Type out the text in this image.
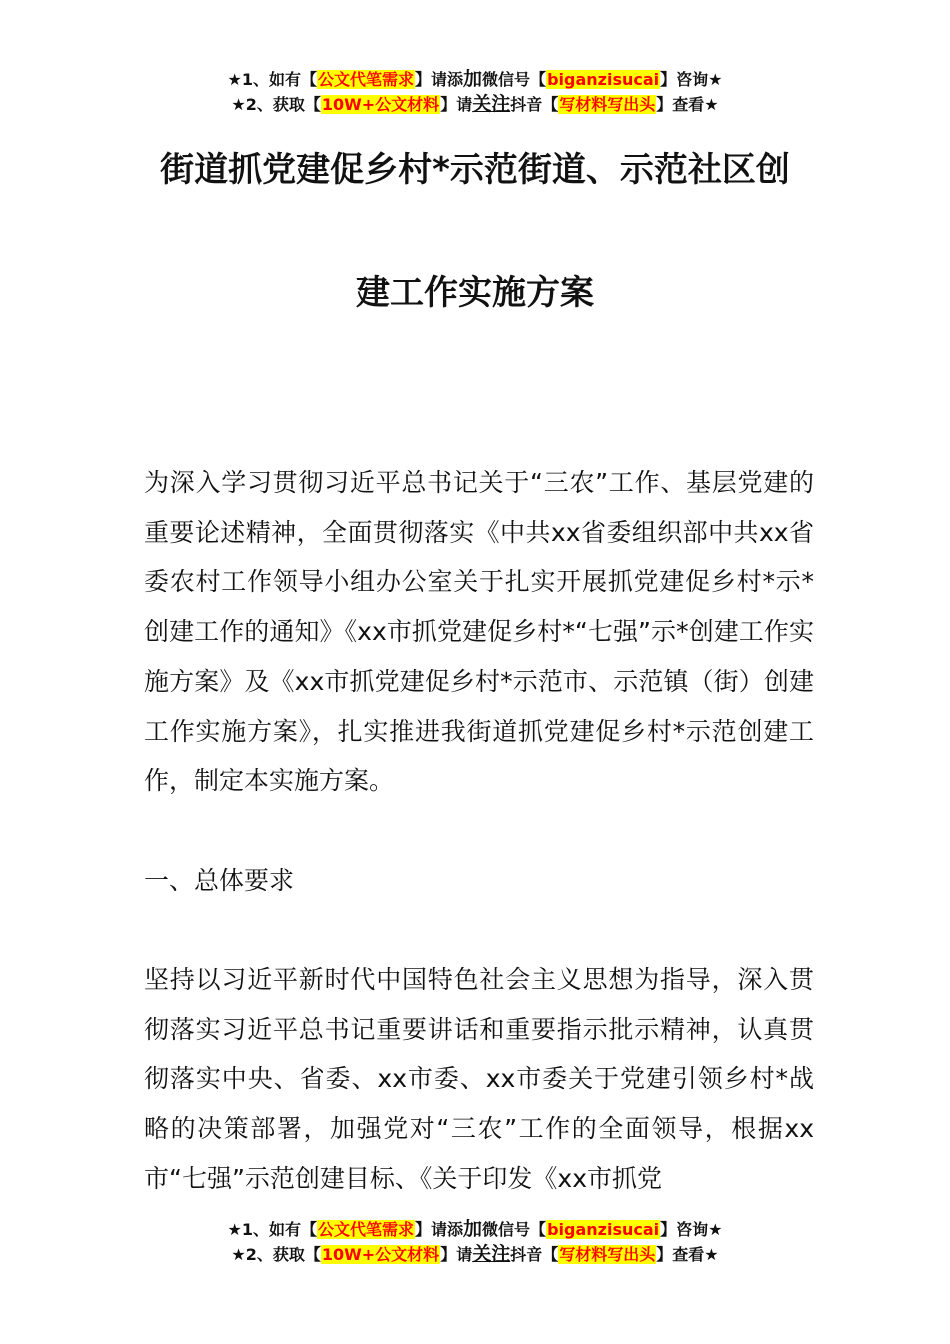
★1、如有【公文代笔需求】请添加微信号【biganzisucai】咨询★
★2、获取【10W+公文材料】请关注抖音【写材料写出头】查看★
街道抓党建促乡村*示范街道、示范社区创
建工作实施方案

为深入学习贯彻习近平总书记关于“三农”工作、基层党建的重要论述精神，全面贯彻落实《中共xx省委组织部中共xx省委农村工作领导小组办公室关于扎实开展抓党建促乡村*示*创建工作的通知》《xx市抓党建促乡村*“七强”示*创建工作实施方案》及《xx市抓党建促乡村*示范市、示范镇（街）创建工作实施方案》，扎实推进我街道抓党建促乡村*示范创建工作，制定本实施方案。

一、总体要求

坚持以习近平新时代中国特色社会主义思想为指导，深入贯彻落实习近平总书记重要讲话和重要指示批示精神，认真贯彻落实中央、省委、xx市委、xx市委关于党建引领乡村*战略的决策部署，加强党对“三农”工作的全面领导，根据xx市“七强”示范创建目标、《关于印发《xx市抓党

★1、如有【公文代笔需求】请添加微信号【biganzisucai】咨询★
★2、获取【10W+公文材料】请关注抖音【写材料写出头】查看★
